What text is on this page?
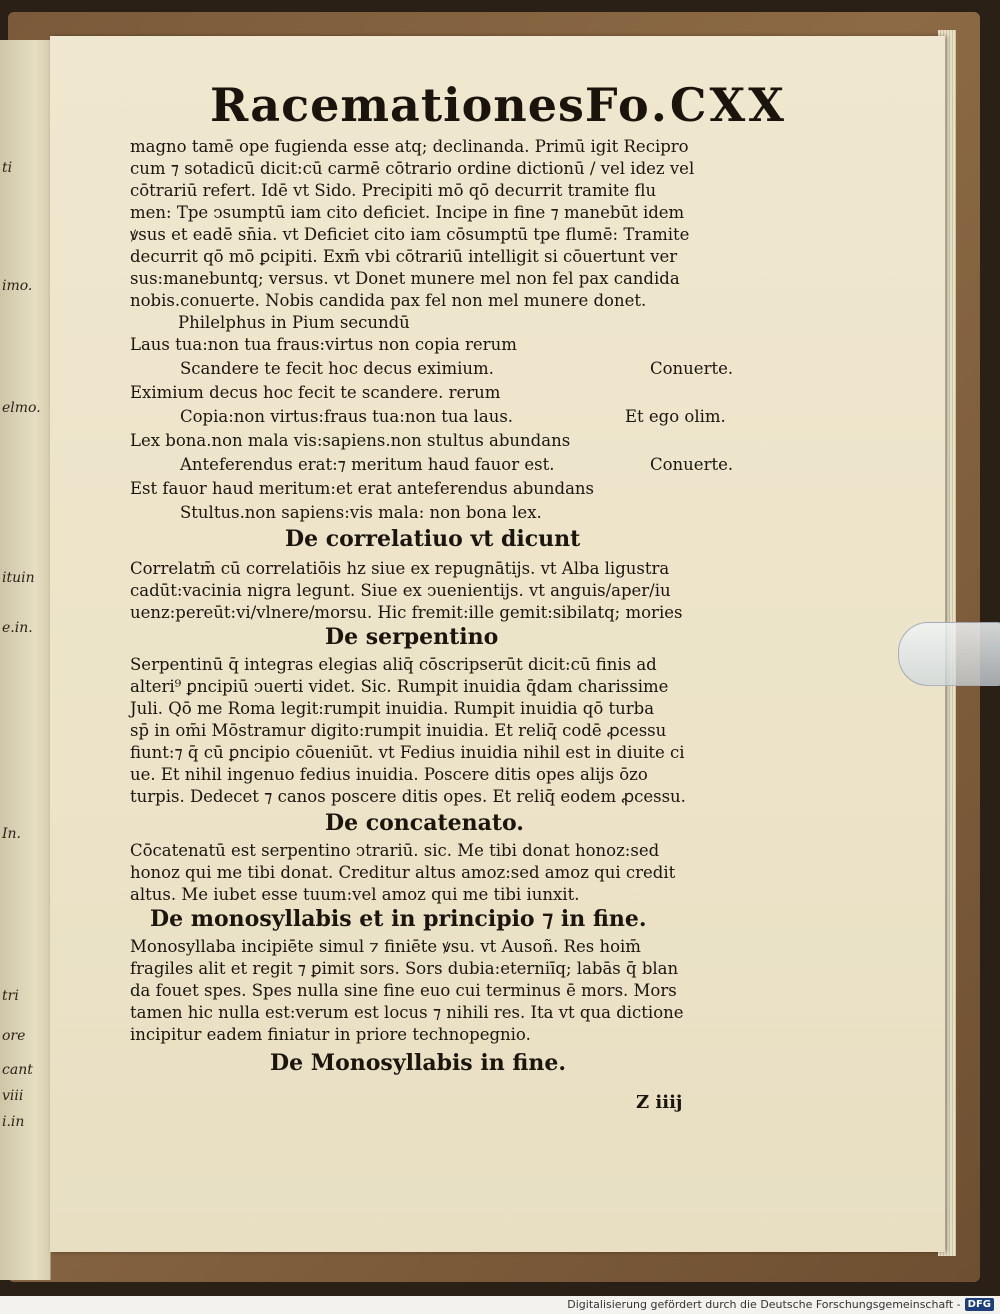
ti
imo.
elmo.
ituin
e.in.
In.
tri
ore
cant
viii
i.in
Racemationes Fo.CXX
magno tamē ope fugienda esse atq; declinanda. Primū igit Recipro
cum ⁊ sotadicū dicit:cū carmē cōtrario ordine dictionū / vel idez vel
cōtrariū refert. Idē vt Sido. Precipiti mō qō decurrit tramite flu
men: Tpe ↄsumptū iam cito deficiet. Incipe in fine ⁊ manebūt idem
ꝟsus et eadē sn̄ia. vt Deficiet cito iam cōsumptū tpe flumē: Tramite
decurrit qō mō ꝑcipiti. Exm̄ vbi cōtrariū intelligit si cōuertunt ver
sus:manebuntq; versus. vt Donet munere mel non fel pax candida
nobis.conuerte. Nobis candida pax fel non mel munere donet.
Philelphus in Pium secundū
Laus tua:non tua fraus:virtus non copia rerum
Scandere te fecit hoc decus eximium.	Conuerte.
Eximium decus hoc fecit te scandere. rerum
Copia:non virtus:fraus tua:non tua laus.	Et ego olim.
Lex bona.non mala vis:sapiens.non stultus abundans
Anteferendus erat:⁊ meritum haud fauor est.	Conuerte.
Est fauor haud meritum:et erat anteferendus abundans
Stultus.non sapiens:vis mala: non bona lex.
De correlatiuo vt dicunt
Correlatm̄ cū correlatiōis hz siue ex repugnātijs. vt Alba ligustra
cadūt:vacinia nigra legunt. Siue ex ↄuenientijs. vt anguis/aper/iu
uenz:pereūt:vi/vlnere/morsu. Hic fremit:ille gemit:sibilatq; mories
De serpentino
Serpentinū q̄ integras elegias aliq̄ cōscripserūt dicit:cū finis ad
alteri⁹ ꝑncipiū ↄuerti videt. Sic. Rumpit inuidia q̄dam charissime
Juli. Qō me Roma legit:rumpit inuidia. Rumpit inuidia qō turba
sp̄ in om̄i Mōstramur digito:rumpit inuidia. Et reliq̄ codē ꝓcessu
fiunt:⁊ q̄ cū ꝑncipio cōueniūt. vt Fedius inuidia nihil est in diuite ci
ue. Et nihil ingenuo fedius inuidia. Poscere ditis opes alijs ōzo
turpis. Dedecet ⁊ canos poscere ditis opes. Et reliq̄ eodem ꝓcessu.
De concatenato.
Cōcatenatū est serpentino ↄtrariū. sic. Me tibi donat honoz:sed
honoz qui me tibi donat. Creditur altus amoz:sed amoz qui credit
altus. Me iubet esse tuum:vel amoz qui me tibi iunxit.
De monosyllabis et in principio ⁊ in fine.
Monosyllaba incipiēte simul ⁊ finiēte ꝟsu. vt Ausoñ. Res hoim̄
fragiles alit et regit ⁊ ꝑimit sors. Sors dubia:eterniīq; labās q̄ blan
da fouet spes. Spes nulla sine fine euo cui terminus ē mors. Mors
tamen hic nulla est:verum est locus ⁊ nihili res. Ita vt qua dictione
incipitur eadem finiatur in priore technopegnio.
De Monosyllabis in fine.
Z iiij
Digitalisierung gefördert durch die Deutsche Forschungsgemeinschaft - DFG
